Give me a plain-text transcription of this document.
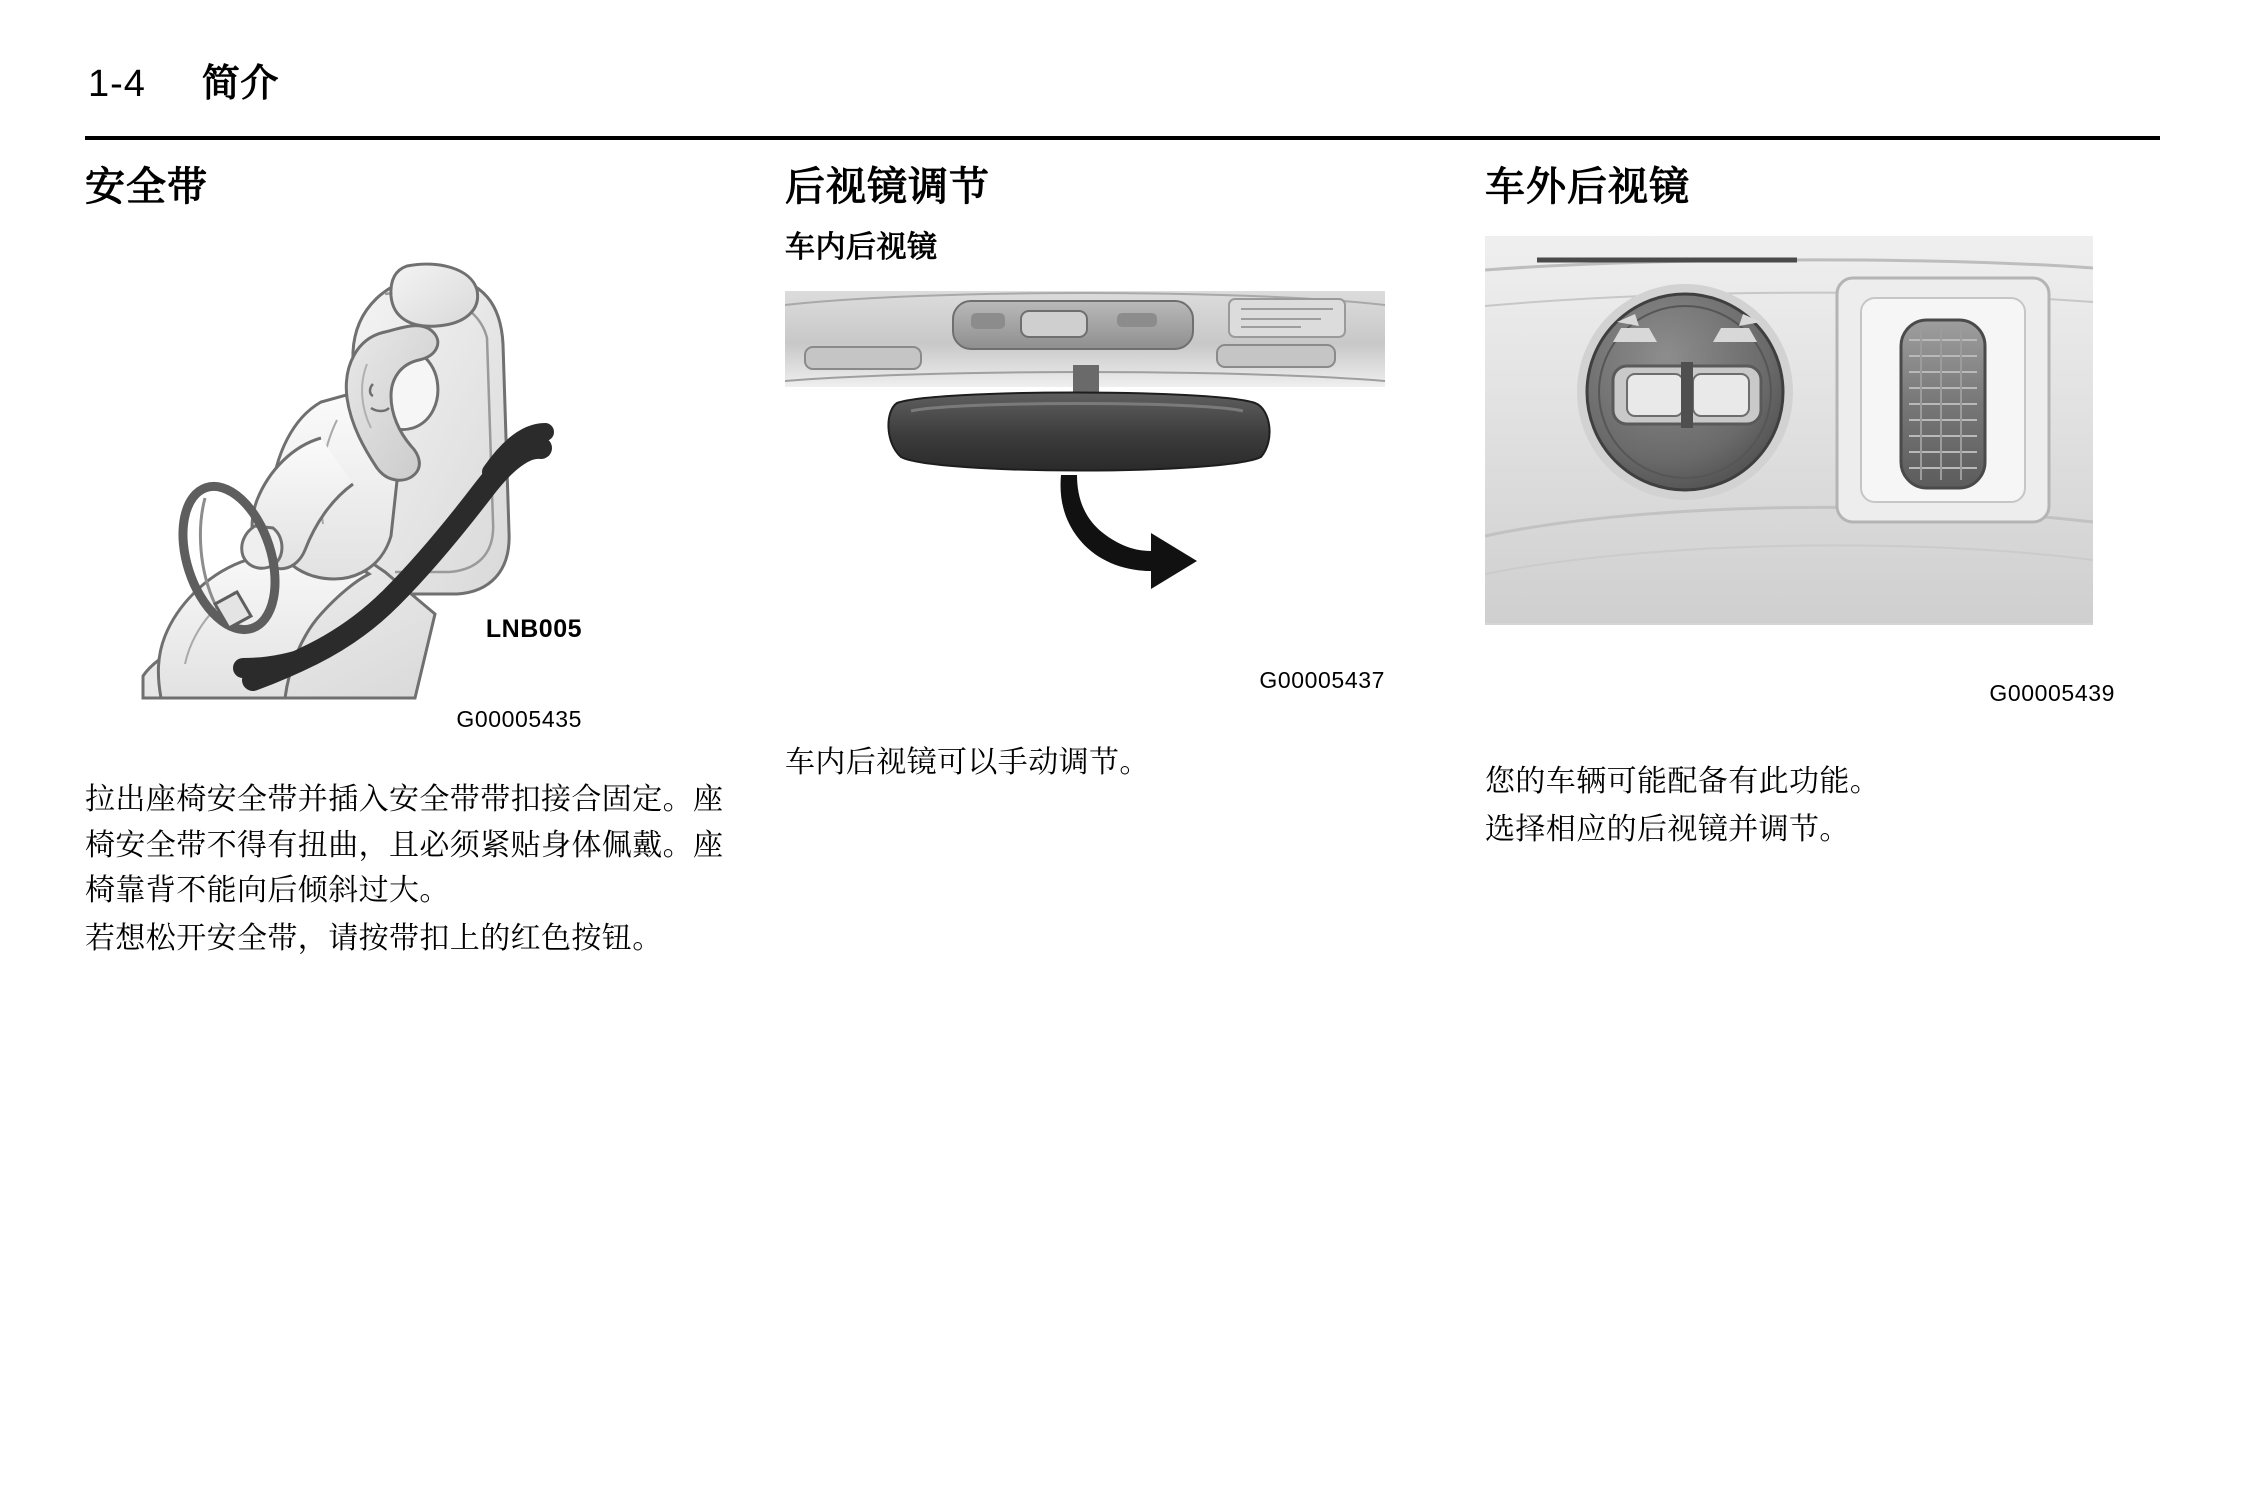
1-4 简介
安全带
LNB005
G00005435

拉出座椅安全带并插入安全带带扣接合固定。座椅安全带不得有扭曲，且必须紧贴身体佩戴。座椅靠背不能向后倾斜过大。

若想松开安全带，请按带扣上的红色按钮。

后视镜调节
车内后视镜
G00005437

车内后视镜可以手动调节。

车外后视镜
G00005439

您的车辆可能配备有此功能。

选择相应的后视镜并调节。
